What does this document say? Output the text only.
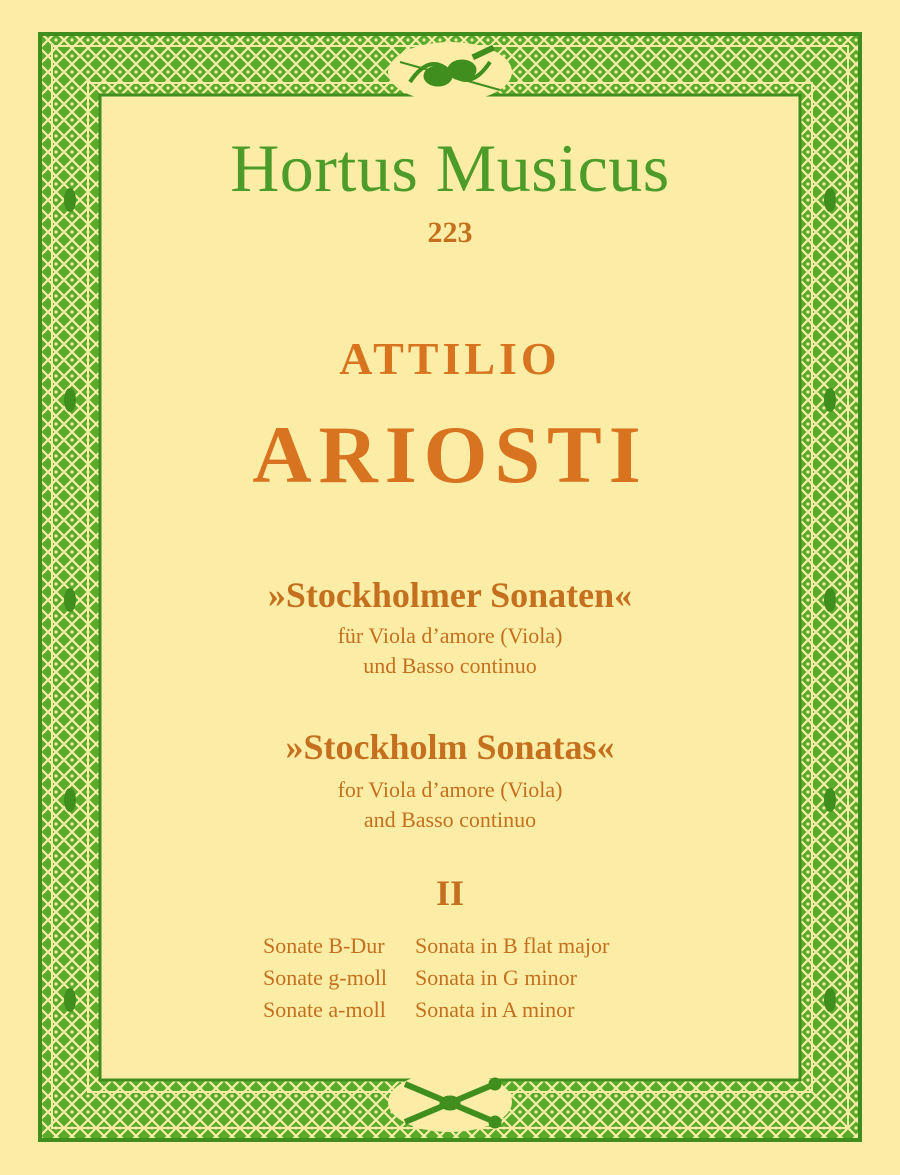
Hortus Musicus
223
ATTILIO
ARIOSTI
»Stockholmer Sonaten«
für Viola d’amore (Viola)
und Basso continuo
»Stockholm Sonatas«
for Viola d’amore (Viola)
and Basso continuo
II
Sonate B-Dur	Sonata in B flat major
Sonate g-moll	Sonata in G minor
Sonate a-moll	Sonata in A minor
